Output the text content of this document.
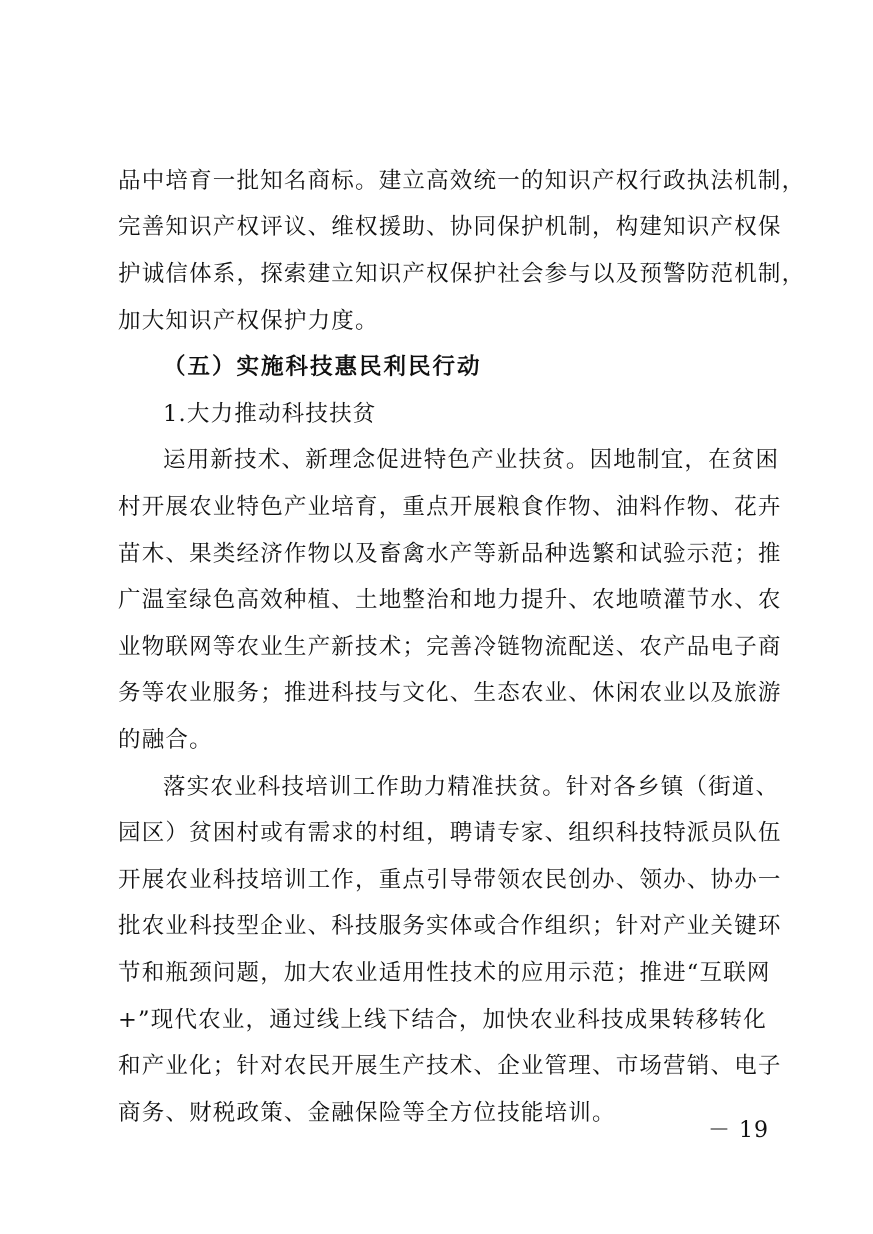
品中培育一批知名商标。建立高效统一的知识产权行政执法机制，
完善知识产权评议、维权援助、协同保护机制，构建知识产权保
护诚信体系，探索建立知识产权保护社会参与以及预警防范机制，
加大知识产权保护力度。
（五）实施科技惠民利民行动
1.大力推动科技扶贫
运用新技术、新理念促进特色产业扶贫。因地制宜，在贫困
村开展农业特色产业培育，重点开展粮食作物、油料作物、花卉
苗木、果类经济作物以及畜禽水产等新品种选繁和试验示范；推
广温室绿色高效种植、土地整治和地力提升、农地喷灌节水、农
业物联网等农业生产新技术；完善冷链物流配送、农产品电子商
务等农业服务；推进科技与文化、生态农业、休闲农业以及旅游
的融合。
落实农业科技培训工作助力精准扶贫。针对各乡镇（街道、
园区）贫困村或有需求的村组，聘请专家、组织科技特派员队伍
开展农业科技培训工作，重点引导带领农民创办、领办、协办一
批农业科技型企业、科技服务实体或合作组织；针对产业关键环
节和瓶颈问题，加大农业适用性技术的应用示范；推进“互联网
+”现代农业，通过线上线下结合，加快农业科技成果转移转化
和产业化；针对农民开展生产技术、企业管理、市场营销、电子
商务、财税政策、金融保险等全方位技能培训。
－ 19
